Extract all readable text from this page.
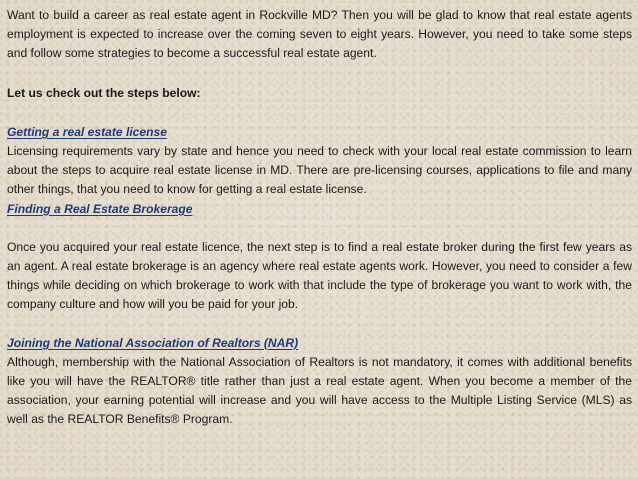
Want to build a career as real estate agent in Rockville MD? Then you will be glad to know that real estate agents employment is expected to increase over the coming seven to eight years. However, you need to take some steps and follow some strategies to become a successful real estate agent.

Let us check out the steps below:

Getting a real estate license

Licensing requirements vary by state and hence you need to check with your local real estate commission to learn about the steps to acquire real estate license in MD. There are pre-licensing courses, applications to file and many other things, that you need to know for getting a real estate license.

Finding a Real Estate Brokerage

Once you acquired your real estate licence, the next step is to find a real estate broker during the first few years as an agent. A real estate brokerage is an agency where real estate agents work. However, you need to consider a few things while deciding on which brokerage to work with that include the type of brokerage you want to work with, the company culture and how will you be paid for your job.

Joining the National Association of Realtors (NAR)

Although, membership with the National Association of Realtors is not mandatory, it comes with additional benefits like you will have the REALTOR® title rather than just a real estate agent. When you become a member of the association, your earning potential will increase and you will have access to the Multiple Listing Service (MLS) as well as the REALTOR Benefits® Program.
